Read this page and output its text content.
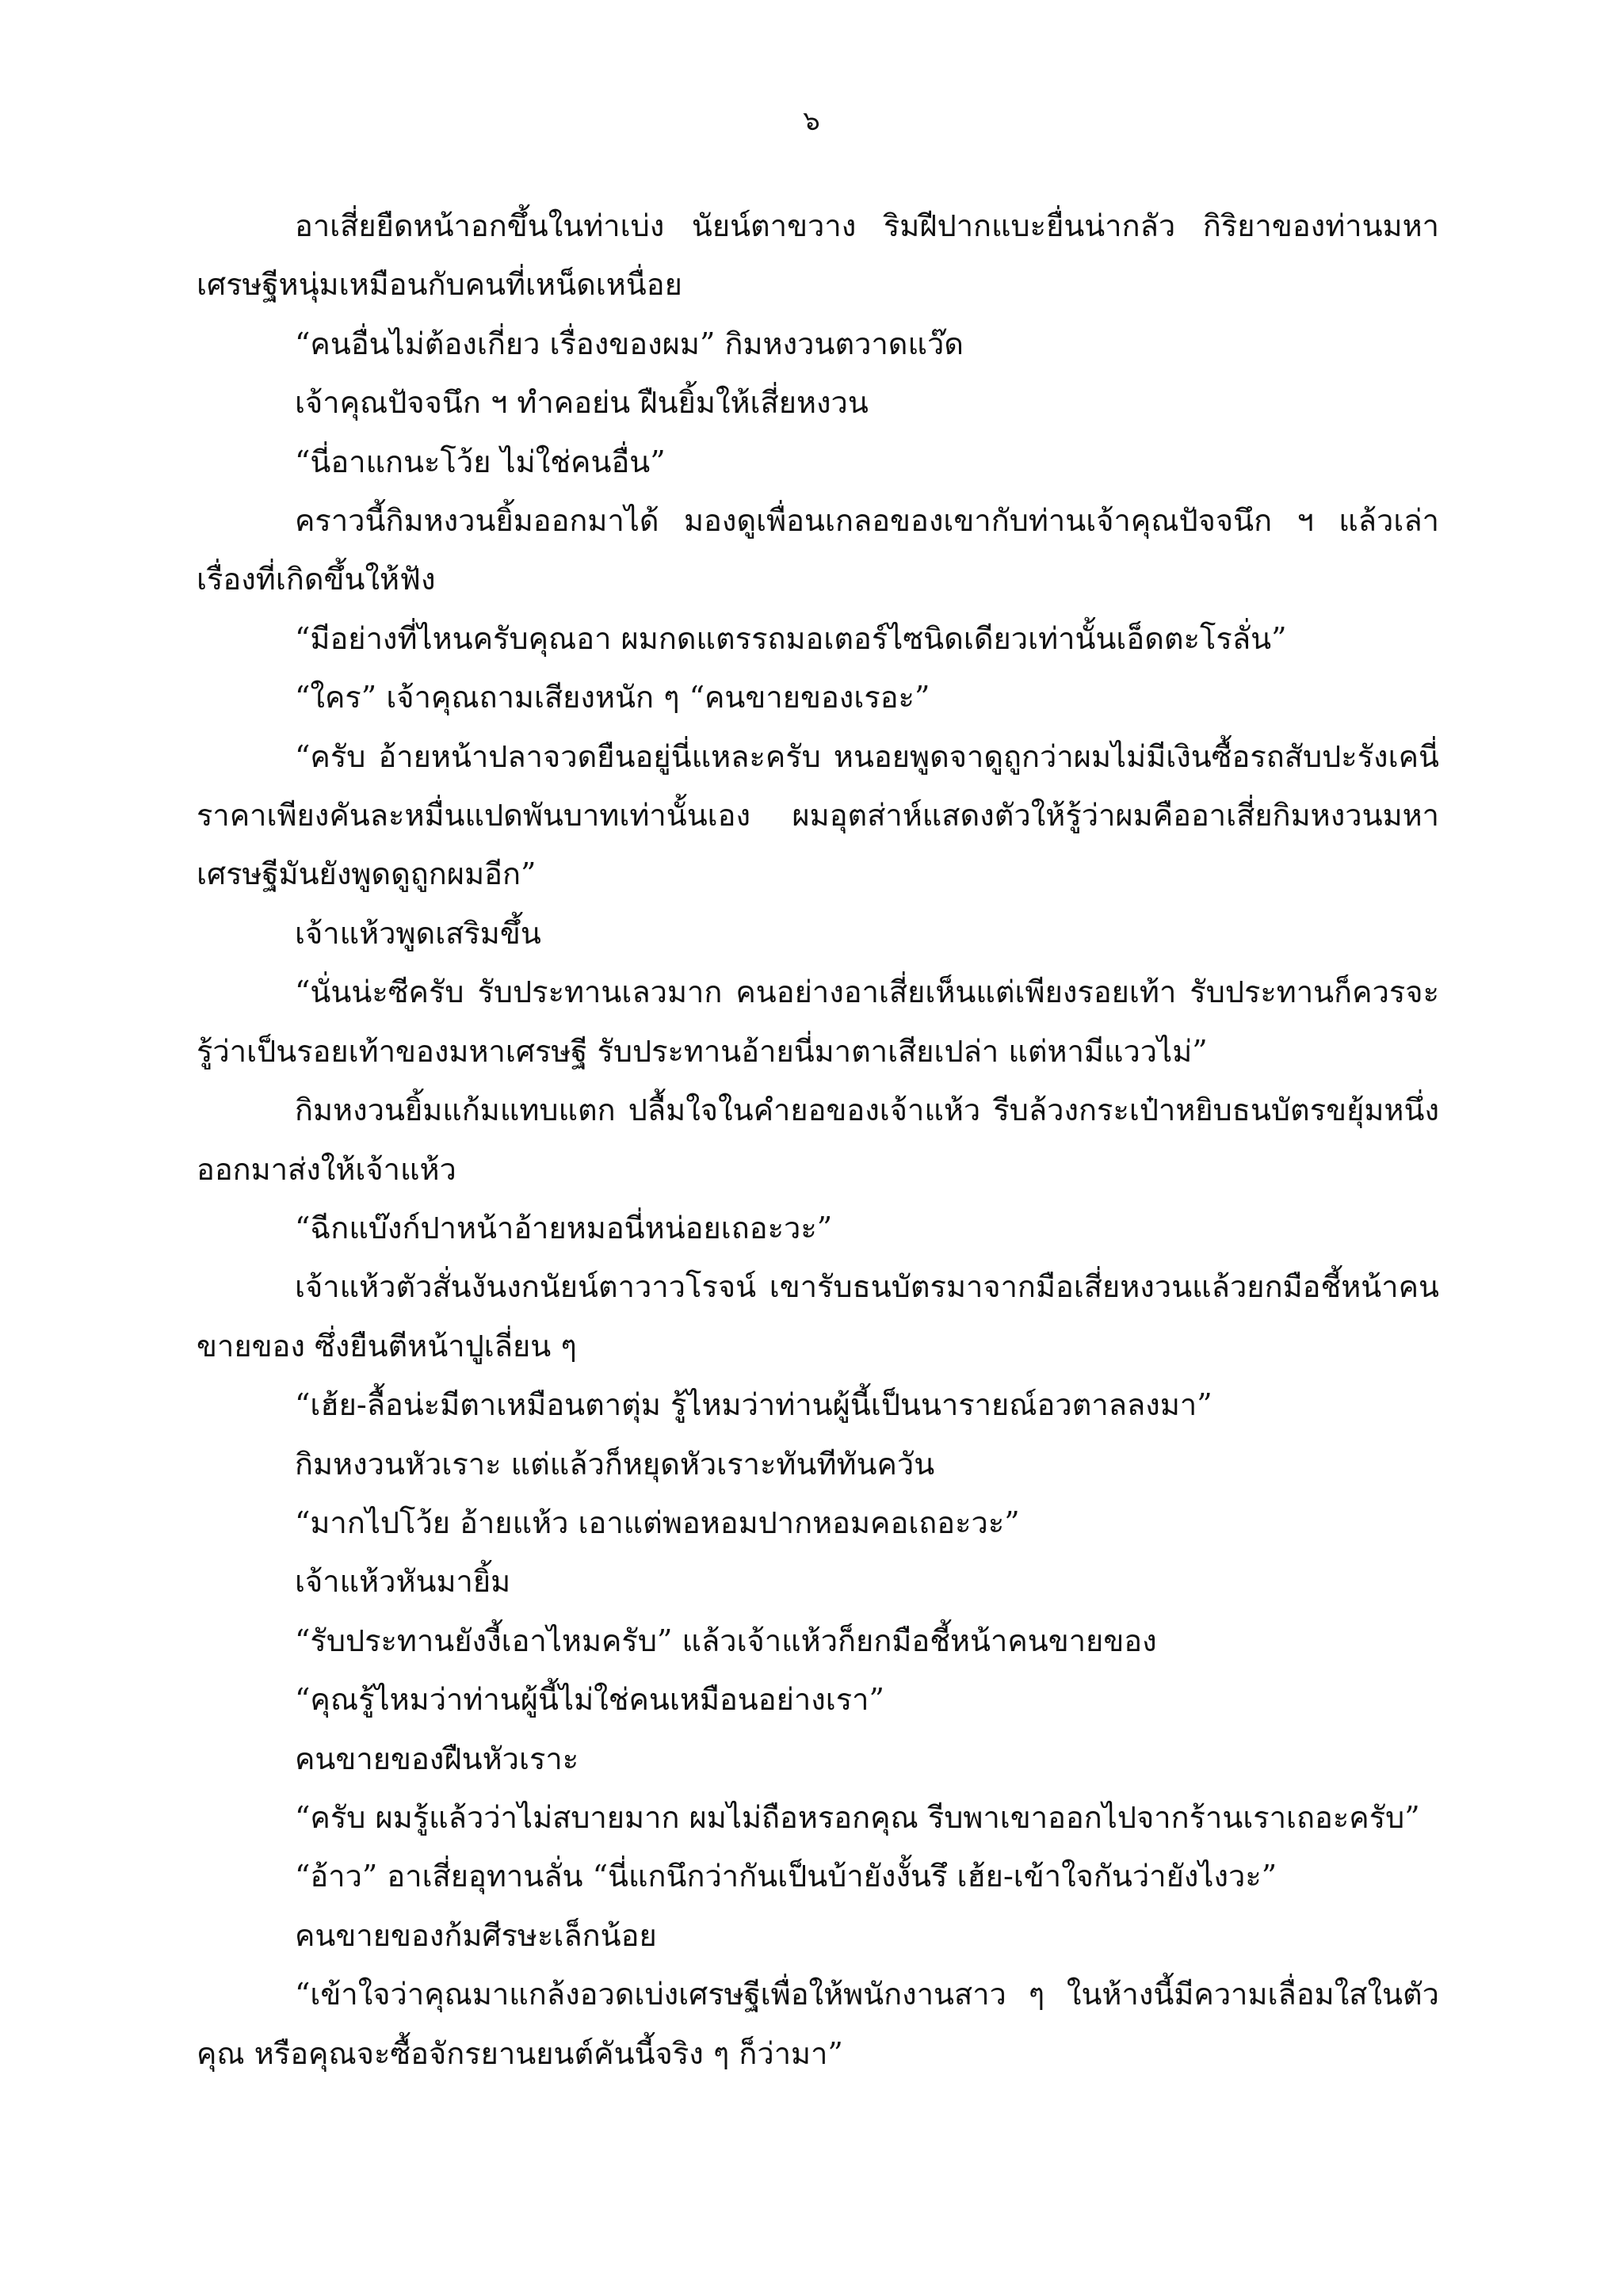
๖

อาเสี่ยยืดหน้าอกขึ้นในท่าเบ่ง นัยน์ตาขวาง ริมฝีปากแบะยื่นน่ากลัว กิริยาของท่านมหาเศรษฐีหนุ่มเหมือนกับคนที่เหน็ดเหนื่อย

“คนอื่นไม่ต้องเกี่ยว เรื่องของผม” กิมหงวนตวาดแว๊ด

เจ้าคุณปัจจนึก ฯ ทำคอย่น ฝืนยิ้มให้เสี่ยหงวน

“นี่อาแกนะโว้ย ไม่ใช่คนอื่น”

คราวนี้กิมหงวนยิ้มออกมาได้ มองดูเพื่อนเกลอของเขากับท่านเจ้าคุณปัจจนึก ฯ แล้วเล่าเรื่องที่เกิดขึ้นให้ฟัง

“มีอย่างที่ไหนครับคุณอา ผมกดแตรรถมอเตอร์ไซนิดเดียวเท่านั้นเอ็ดตะโรลั่น”

“ใคร” เจ้าคุณถามเสียงหนัก ๆ “คนขายของเรอะ”

“ครับ อ้ายหน้าปลาจวดยืนอยู่นี่แหละครับ หนอยพูดจาดูถูกว่าผมไม่มีเงินซื้อรถสับปะรังเคนี่ราคาเพียงคันละหมื่นแปดพันบาทเท่านั้นเอง ผมอุตส่าห์แสดงตัวให้รู้ว่าผมคืออาเสี่ยกิมหงวนมหาเศรษฐีมันยังพูดดูถูกผมอีก”

เจ้าแห้วพูดเสริมขึ้น

“นั่นน่ะซีครับ รับประทานเลวมาก คนอย่างอาเสี่ยเห็นแต่เพียงรอยเท้า รับประทานก็ควรจะรู้ว่าเป็นรอยเท้าของมหาเศรษฐี รับประทานอ้ายนี่มาตาเสียเปล่า แต่หามีแววไม่”

กิมหงวนยิ้มแก้มแทบแตก ปลื้มใจในคำยอของเจ้าแห้ว รีบล้วงกระเป๋าหยิบธนบัตรขยุ้มหนึ่งออกมาส่งให้เจ้าแห้ว

“ฉีกแบ๊งก์ปาหน้าอ้ายหมอนี่หน่อยเถอะวะ”

เจ้าแห้วตัวสั่นงันงกนัยน์ตาวาวโรจน์ เขารับธนบัตรมาจากมือเสี่ยหงวนแล้วยกมือชี้หน้าคนขายของ ซึ่งยืนตีหน้าปูเลี่ยน ๆ

“เฮ้ย-ลื้อน่ะมีตาเหมือนตาตุ่ม รู้ไหมว่าท่านผู้นี้เป็นนารายณ์อวตาลลงมา”

กิมหงวนหัวเราะ แต่แล้วก็หยุดหัวเราะทันทีทันควัน

“มากไปโว้ย อ้ายแห้ว เอาแต่พอหอมปากหอมคอเถอะวะ”

เจ้าแห้วหันมายิ้ม

“รับประทานยังงี้เอาไหมครับ” แล้วเจ้าแห้วก็ยกมือชี้หน้าคนขายของ

“คุณรู้ไหมว่าท่านผู้นี้ไม่ใช่คนเหมือนอย่างเรา”

คนขายของฝืนหัวเราะ

“ครับ ผมรู้แล้วว่าไม่สบายมาก ผมไม่ถือหรอกคุณ รีบพาเขาออกไปจากร้านเราเถอะครับ”

“อ้าว” อาเสี่ยอุทานลั่น “นี่แกนึกว่ากันเป็นบ้ายังงั้นรึ เฮ้ย-เข้าใจกันว่ายังไงวะ”

คนขายของก้มศีรษะเล็กน้อย

“เข้าใจว่าคุณมาแกล้งอวดเบ่งเศรษฐีเพื่อให้พนักงานสาว ๆ ในห้างนี้มีความเลื่อมใสในตัวคุณ หรือคุณจะซื้อจักรยานยนต์คันนี้จริง ๆ ก็ว่ามา”
